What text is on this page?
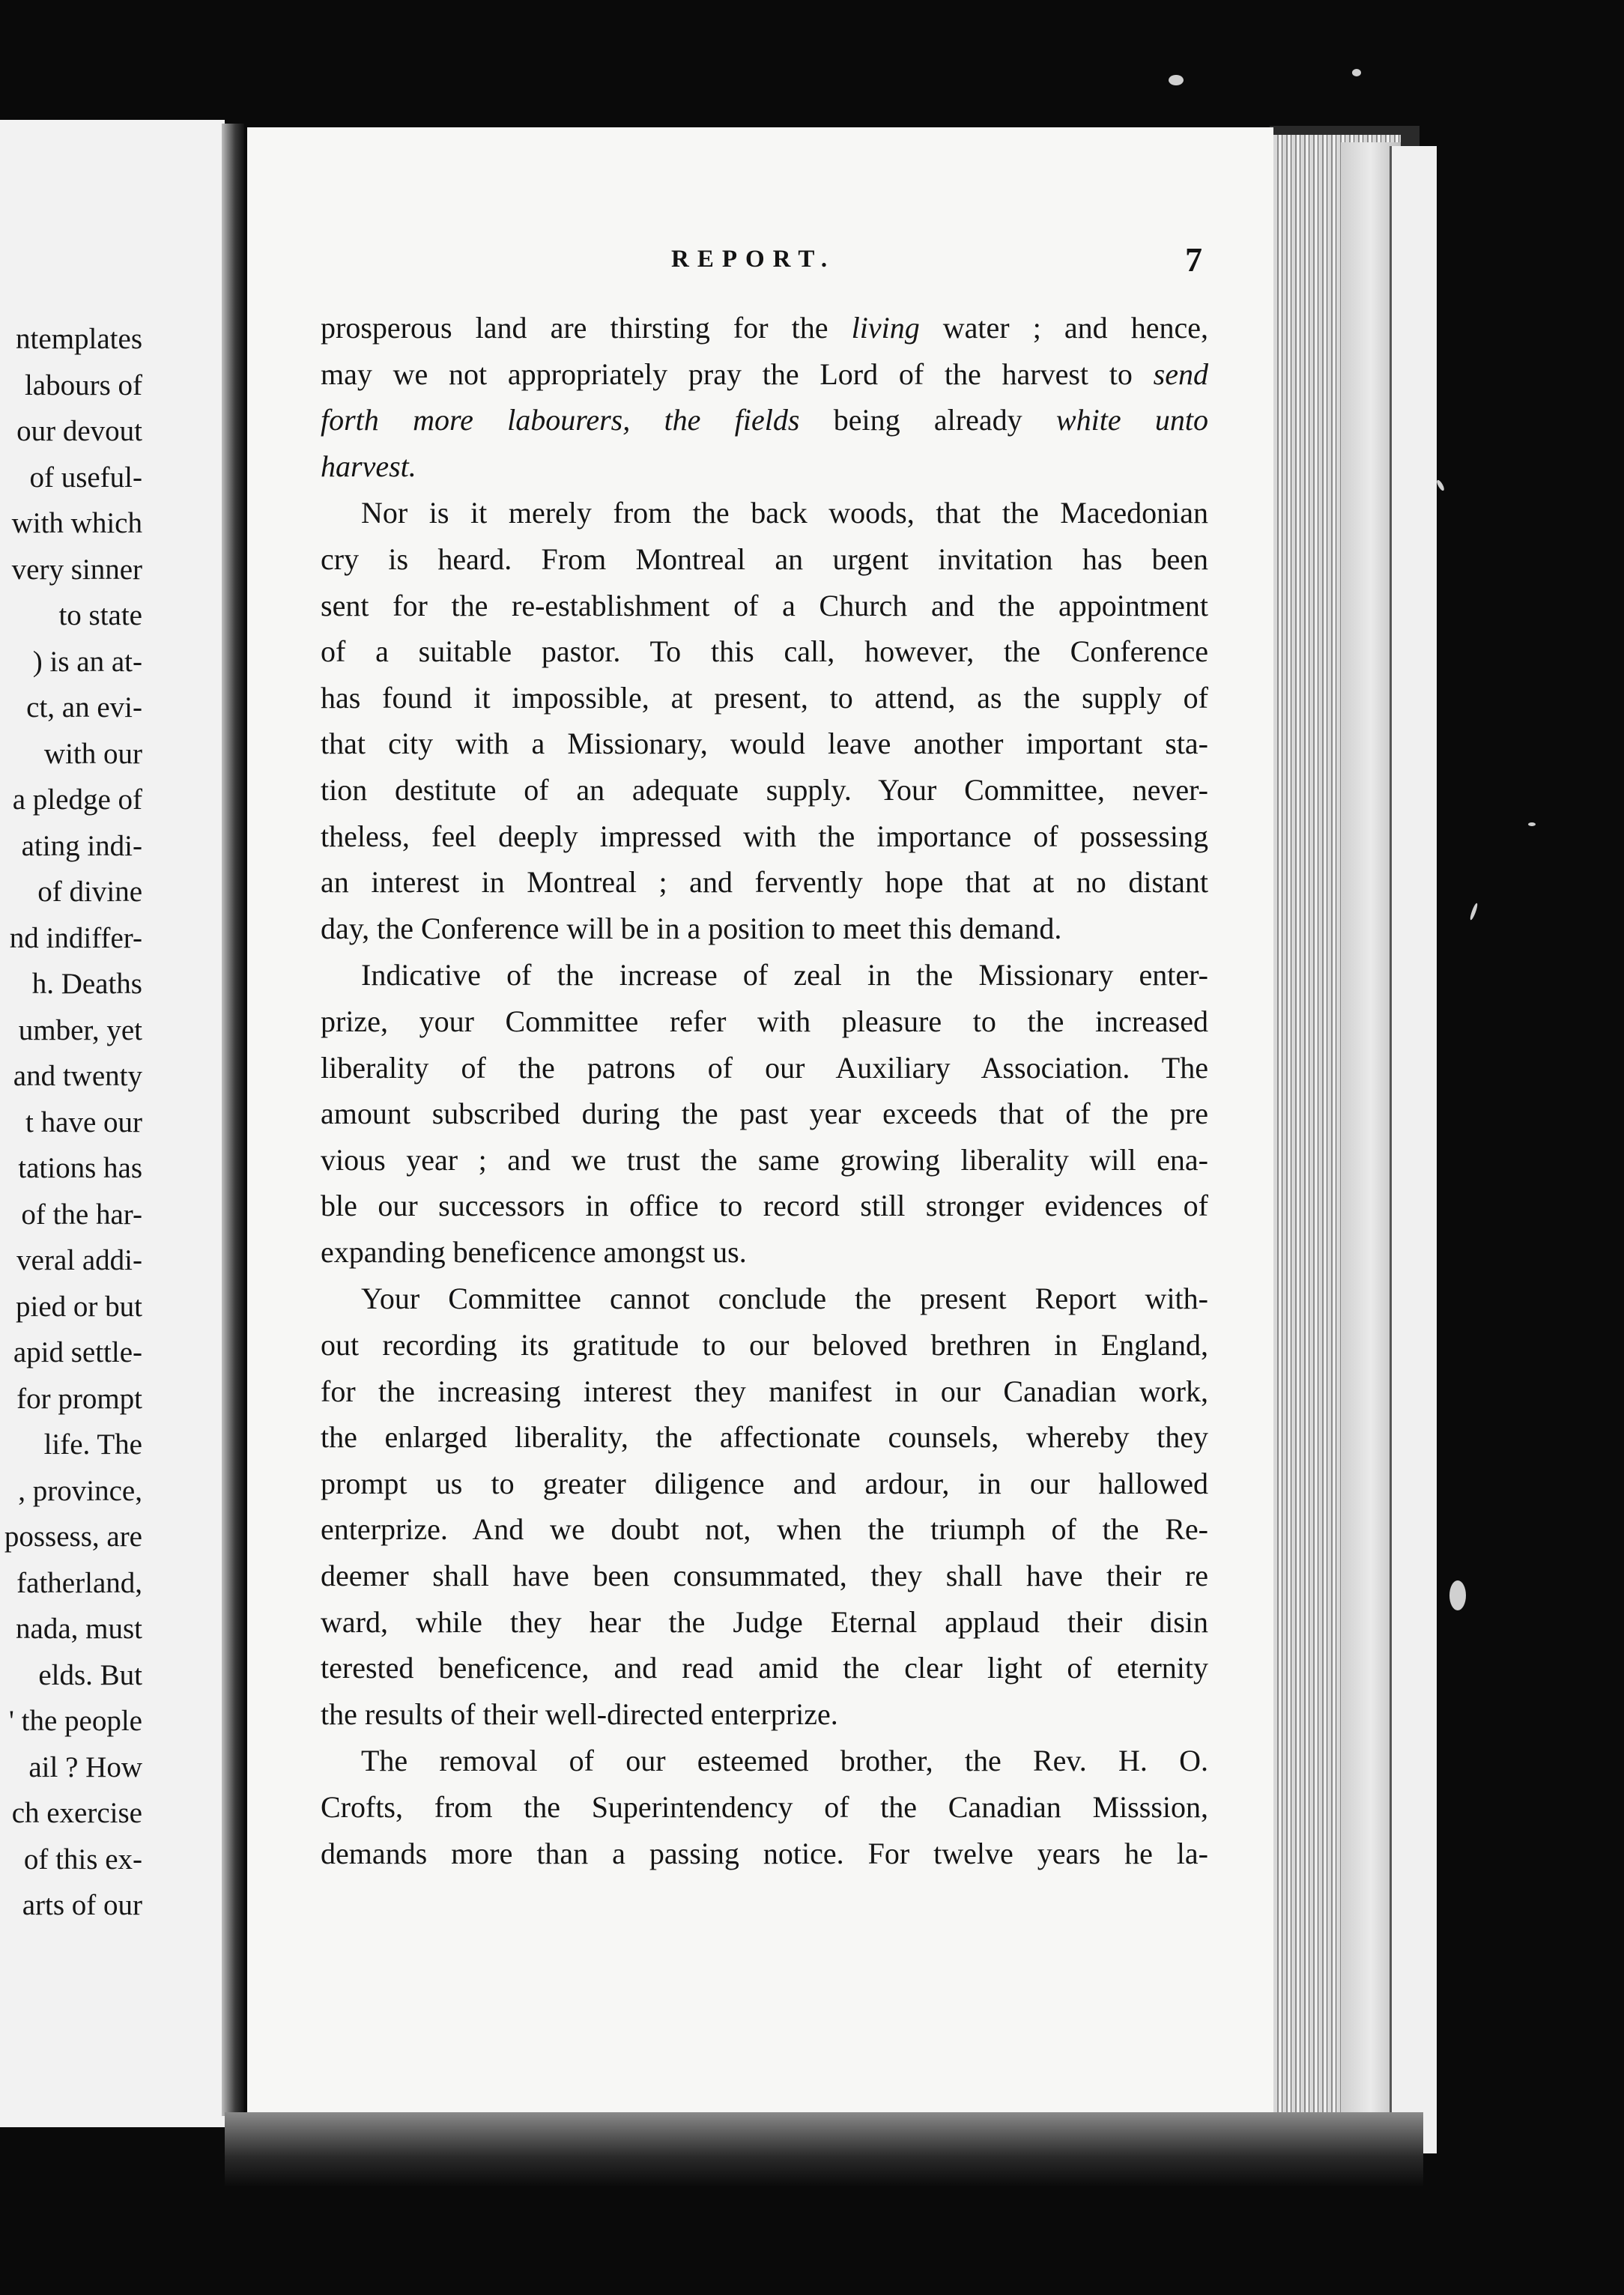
ntemplates
labours of
our devout
of useful-
with which
very sinner
to state
) is an at-
ct, an evi-
with our
a pledge of
ating indi-
of divine
nd indiffer-
h. Deaths
umber, yet
and twenty
t have our
tations has
of the har-
veral addi-
pied or but
apid settle-
for prompt
life. The
, province,
possess, are
fatherland,
nada, must
elds. But
' the people
ail ? How
ch exercise
of this ex-
arts of our
REPORT.	7
prosperous land are thirsting for the living water ; and hence,
may we not appropriately pray the Lord of the harvest to send
forth more labourers, the fields being already white unto
harvest.
Nor is it merely from the back woods, that the Macedonian
cry is heard. From Montreal an urgent invitation has been
sent for the re-establishment of a Church and the appointment
of a suitable pastor. To this call, however, the Conference
has found it impossible, at present, to attend, as the supply of
that city with a Missionary, would leave another important sta-
tion destitute of an adequate supply. Your Committee, never-
theless, feel deeply impressed with the importance of possessing
an interest in Montreal ; and fervently hope that at no distant
day, the Conference will be in a position to meet this demand.
Indicative of the increase of zeal in the Missionary enter-
prize, your Committee refer with pleasure to the increased
liberality of the patrons of our Auxiliary Association. The
amount subscribed during the past year exceeds that of the pre
vious year ; and we trust the same growing liberality will ena-
ble our successors in office to record still stronger evidences of
expanding beneficence amongst us.
Your Committee cannot conclude the present Report with-
out recording its gratitude to our beloved brethren in England,
for the increasing interest they manifest in our Canadian work,
the enlarged liberality, the affectionate counsels, whereby they
prompt us to greater diligence and ardour, in our hallowed
enterprize. And we doubt not, when the triumph of the Re-
deemer shall have been consummated, they shall have their re
ward, while they hear the Judge Eternal applaud their disin
terested beneficence, and read amid the clear light of eternity
the results of their well-directed enterprize.
The removal of our esteemed brother, the Rev. H. O.
Crofts, from the Superintendency of the Canadian Misssion,
demands more than a passing notice. For twelve years he la-
